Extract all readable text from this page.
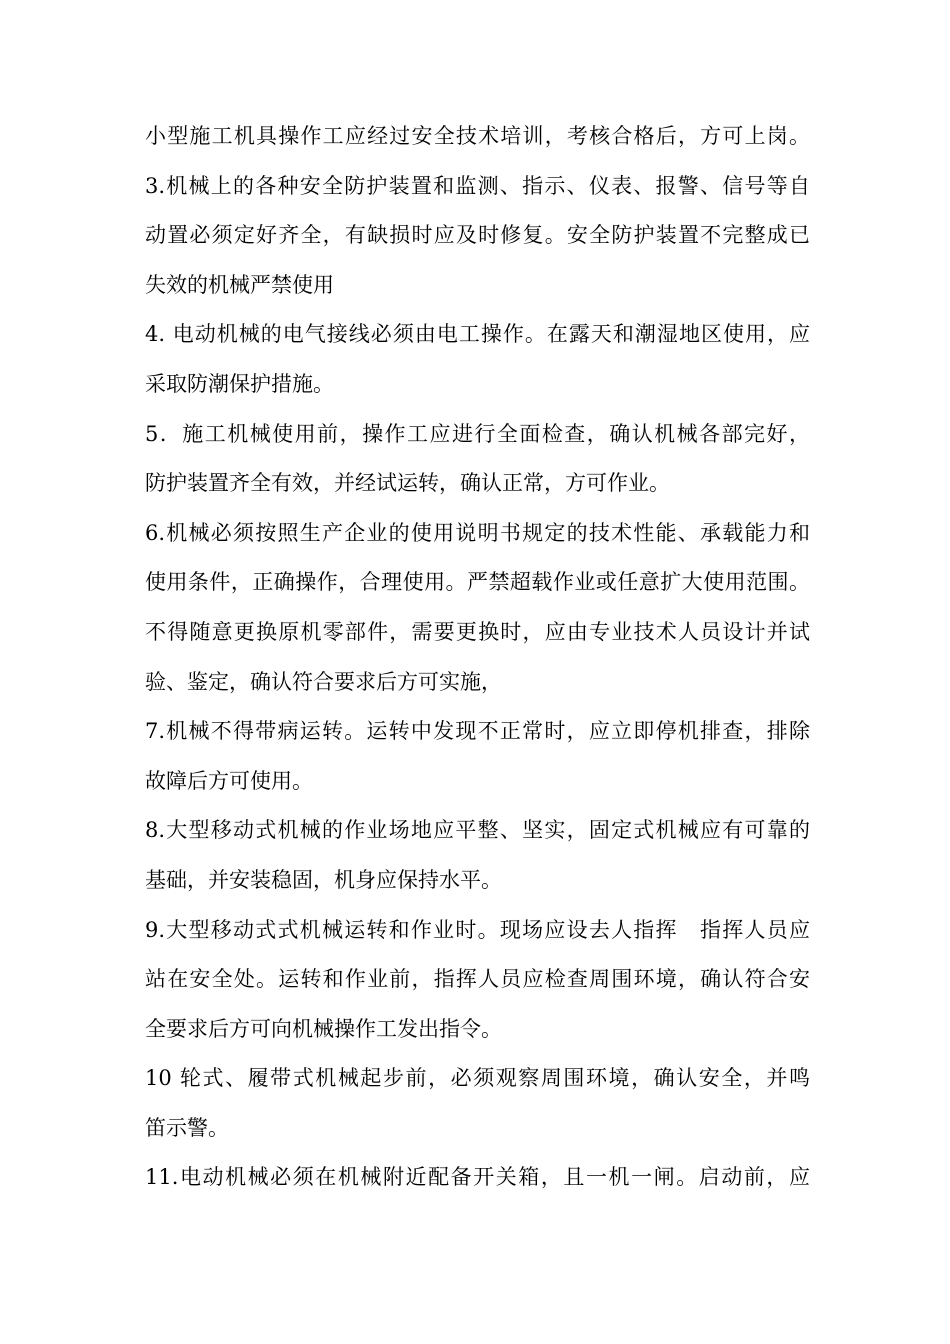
小型施工机具操作工应经过安全技术培训，考核合格后，方可上岗。
3.机械上的各种安全防护装置和监测、指示、仪表、报警、信号等自
动置必须定好齐全，有缺损时应及时修复。安全防护装置不完整成已
失效的机械严禁使用
4. 电动机械的电气接线必须由电工操作。在露天和潮湿地区使用，应
采取防潮保护措施。
5．施工机械使用前，操作工应进行全面检查，确认机械各部完好，
防护装置齐全有效，并经试运转，确认正常，方可作业。
6.机械必须按照生产企业的使用说明书规定的技术性能、承载能力和
使用条件，正确操作，合理使用。严禁超载作业或任意扩大使用范围。
不得随意更换原机零部件，需要更换时，应由专业技术人员设计并试
验、鉴定，确认符合要求后方可实施，
7.机械不得带病运转。运转中发现不正常时，应立即停机排查，排除
故障后方可使用。
8.大型移动式机械的作业场地应平整、坚实，固定式机械应有可靠的
基础，并安装稳固，机身应保持水平。
9.大型移动式式机械运转和作业时。现场应设去人指挥　指挥人员应
站在安全处。运转和作业前，指挥人员应检查周围环境，确认符合安
全要求后方可向机械操作工发出指令。
10 轮式、履带式机械起步前，必须观察周围环境，确认安全，并鸣
笛示警。
11.电动机械必须在机械附近配备开关箱，且一机一闸。启动前，应
